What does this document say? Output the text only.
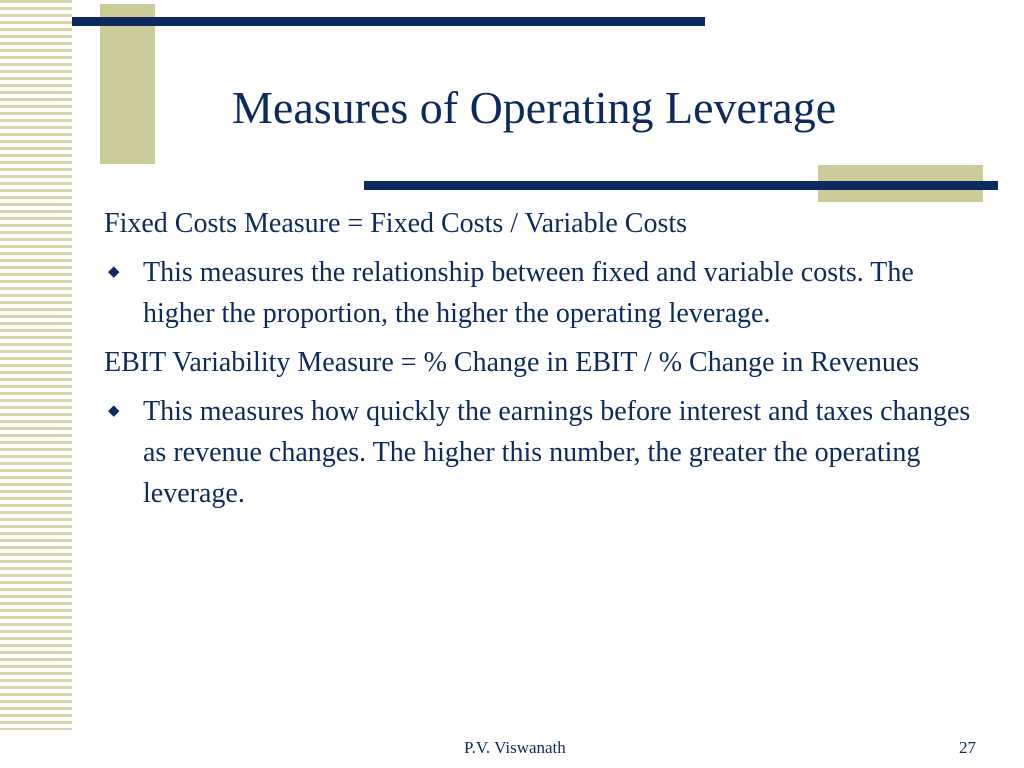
Measures of Operating Leverage

Fixed Costs Measure = Fixed Costs / Variable Costs

◆ This measures the relationship between fixed and variable costs. The higher the proportion, the higher the operating leverage.

EBIT Variability Measure = % Change in EBIT / % Change in Revenues

◆ This measures how quickly the earnings before interest and taxes changes as revenue changes. The higher this number, the greater the operating leverage.

P.V. Viswanath	27
